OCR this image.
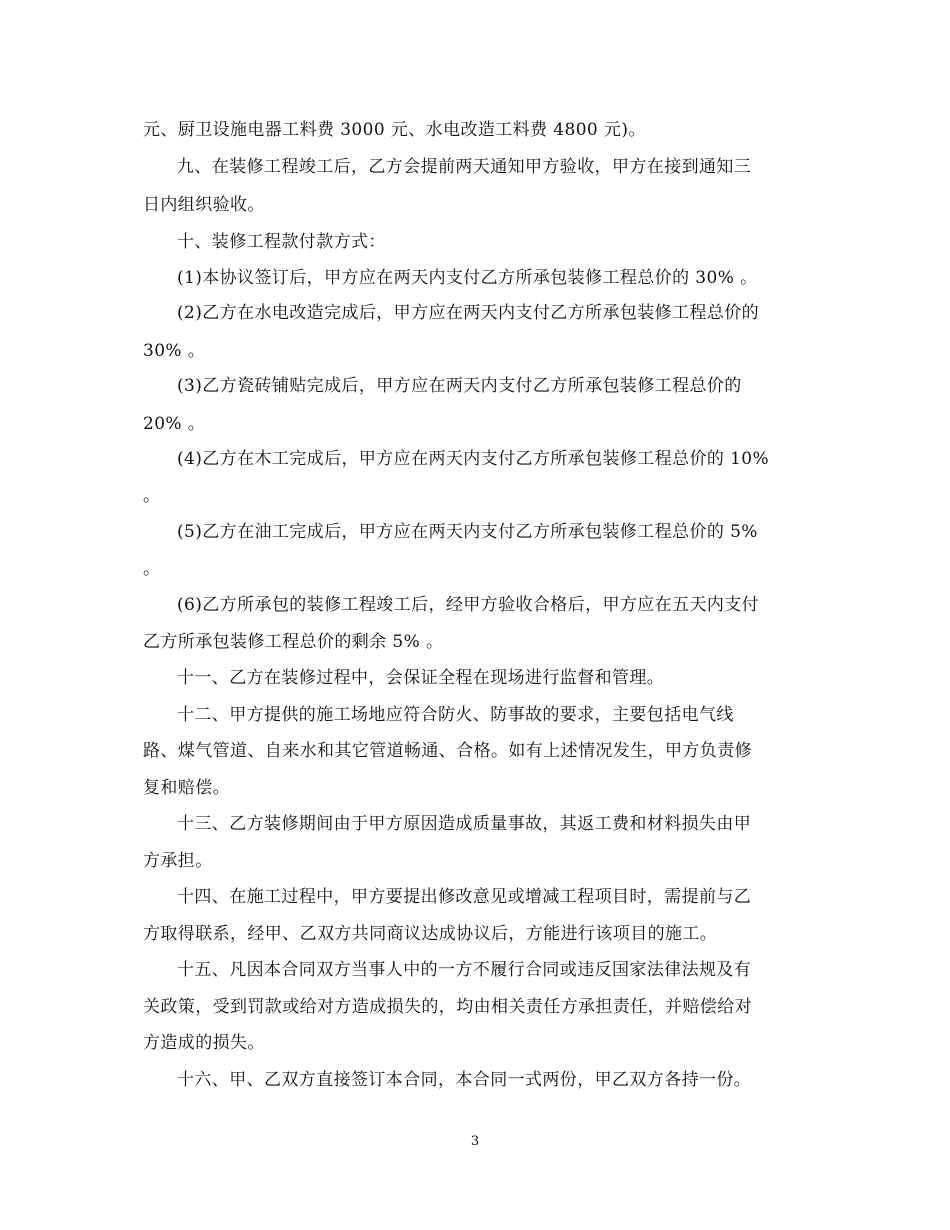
元、厨卫设施电器工料费 3000 元、水电改造工料费 4800 元)。
九、在装修工程竣工后，乙方会提前两天通知甲方验收，甲方在接到通知三
日内组织验收。
十、装修工程款付款方式：
(1)本协议签订后，甲方应在两天内支付乙方所承包装修工程总价的 30% 。
(2)乙方在水电改造完成后，甲方应在两天内支付乙方所承包装修工程总价的
30% 。
(3)乙方瓷砖铺贴完成后，甲方应在两天内支付乙方所承包装修工程总价的
20% 。
(4)乙方在木工完成后，甲方应在两天内支付乙方所承包装修工程总价的 10%
。
(5)乙方在油工完成后，甲方应在两天内支付乙方所承包装修工程总价的 5%
。
(6)乙方所承包的装修工程竣工后，经甲方验收合格后，甲方应在五天内支付
乙方所承包装修工程总价的剩余 5% 。
十一、乙方在装修过程中，会保证全程在现场进行监督和管理。
十二、甲方提供的施工场地应符合防火、防事故的要求，主要包括电气线
路、煤气管道、自来水和其它管道畅通、合格。如有上述情况发生，甲方负责修
复和赔偿。
十三、乙方装修期间由于甲方原因造成质量事故，其返工费和材料损失由甲
方承担。
十四、在施工过程中，甲方要提出修改意见或增减工程项目时，需提前与乙
方取得联系，经甲、乙双方共同商议达成协议后，方能进行该项目的施工。
十五、凡因本合同双方当事人中的一方不履行合同或违反国家法律法规及有
关政策，受到罚款或给对方造成损失的，均由相关责任方承担责任，并赔偿给对
方造成的损失。
十六、甲、乙双方直接签订本合同，本合同一式两份，甲乙双方各持一份。
3
